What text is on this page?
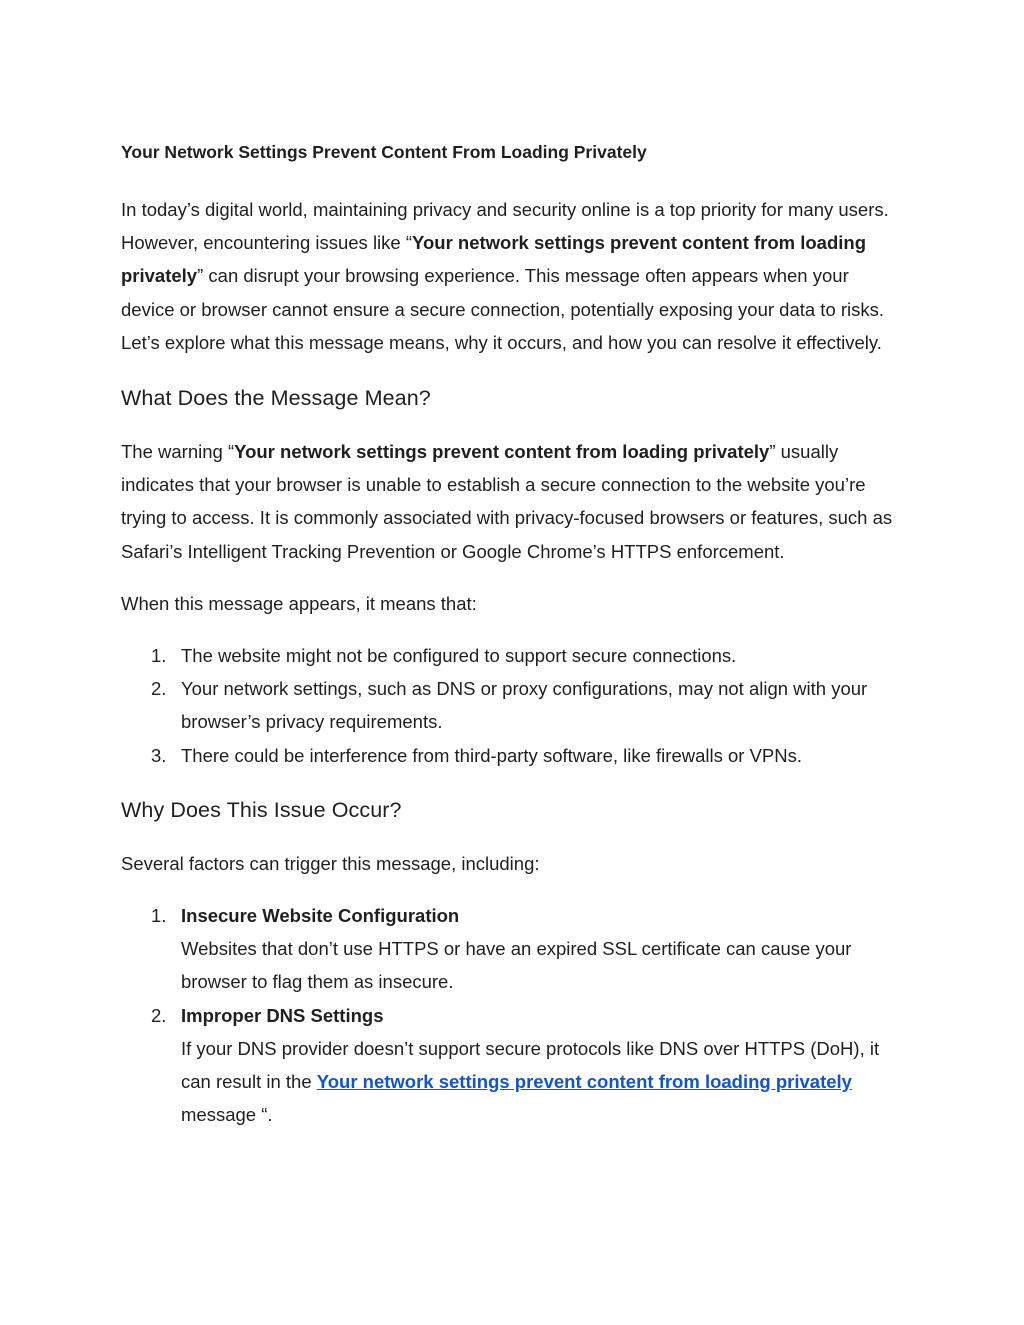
Your Network Settings Prevent Content From Loading Privately

In today’s digital world, maintaining privacy and security online is a top priority for many users. However, encountering issues like “Your network settings prevent content from loading privately” can disrupt your browsing experience. This message often appears when your device or browser cannot ensure a secure connection, potentially exposing your data to risks. Let’s explore what this message means, why it occurs, and how you can resolve it effectively.

What Does the Message Mean?

The warning “Your network settings prevent content from loading privately” usually indicates that your browser is unable to establish a secure connection to the website you’re trying to access. It is commonly associated with privacy-focused browsers or features, such as Safari’s Intelligent Tracking Prevention or Google Chrome’s HTTPS enforcement.

When this message appears, it means that:

1. The website might not be configured to support secure connections.
2. Your network settings, such as DNS or proxy configurations, may not align with your browser’s privacy requirements.
3. There could be interference from third-party software, like firewalls or VPNs.
Why Does This Issue Occur?

Several factors can trigger this message, including:

1. Insecure Website Configuration
Websites that don’t use HTTPS or have an expired SSL certificate can cause your browser to flag them as insecure.
2. Improper DNS Settings
If your DNS provider doesn’t support secure protocols like DNS over HTTPS (DoH), it can result in the Your network settings prevent content from loading privately message “.
